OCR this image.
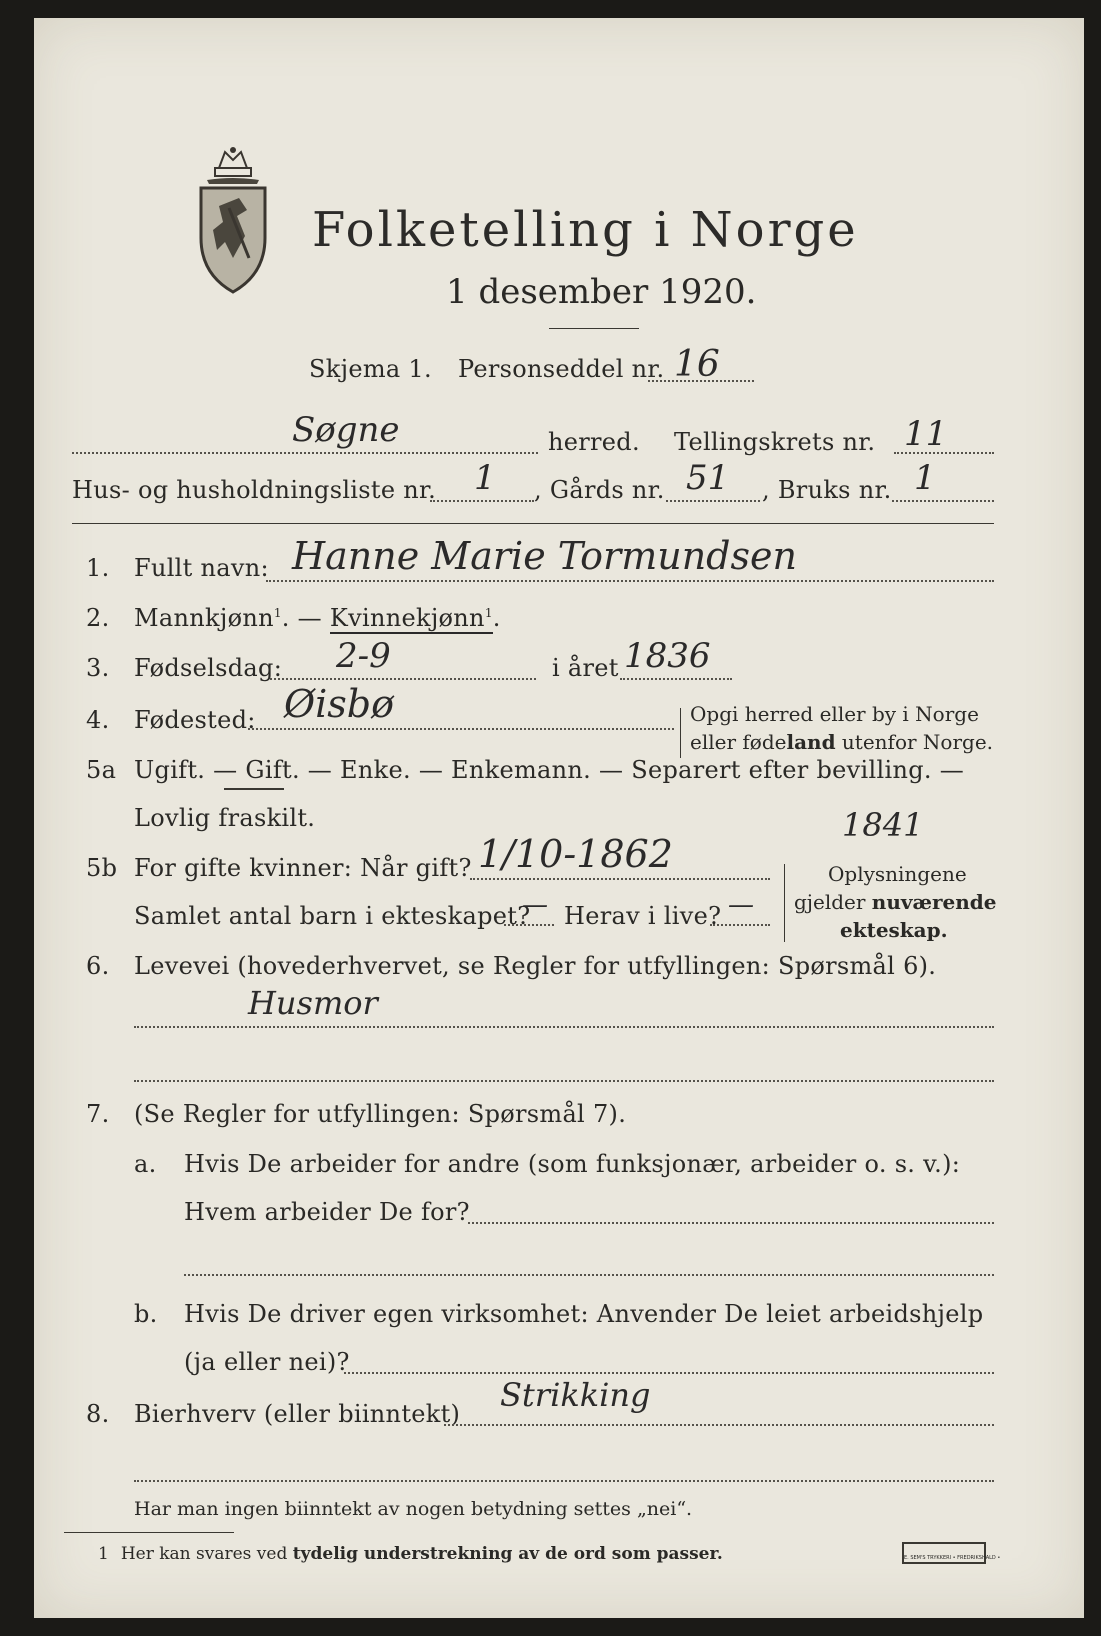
Folketelling i Norge
1 desember 1920.
Skjema 1. Personseddel nr. 16
Søgne	herred. Tellingskrets nr. 11
Hus- og husholdningsliste nr. 1 , Gårds nr. 51 , Bruks nr. 1
1. Fullt navn: Hanne Marie Tormundsen
2. Mannkjønn$^1$. — Kvinnekjønn$^1$.
3. Fødselsdag: 2-9	i året 1836
4. Fødested: Øisbø	Opgi herred eller by i Norge
eller fødeland utenfor Norge.
5a Ugift. — Gift. — Enke. — Enkemann. — Separert efter bevilling. —
Lovlig fraskilt.
5b For gifte kvinner: Når gift? 1/10-1862
1841
Samlet antal barn i ekteskapet?
— Herav i live? —
Oplysningene
gjelder nuværende
ekteskap.
6. Levevei (hovederhvervet, se Regler for utfyllingen: Spørsmål 6).
Husmor
7. (Se Regler for utfyllingen: Spørsmål 7).
a. Hvis De arbeider for andre (som funksjonær, arbeider o. s. v.):
Hvem arbeider De for?
b. Hvis De driver egen virksomhet: Anvender De leiet arbeidshjelp
(ja eller nei)?
8. Bierhverv (eller biinntekt) Strikking
Har man ingen biinntekt av nogen betydning settes „nei“.
1 Her kan svares ved tydelig understrekning av de ord som passer.	E. SEM'S TRYKKERI • FREDRIKSHALD •
